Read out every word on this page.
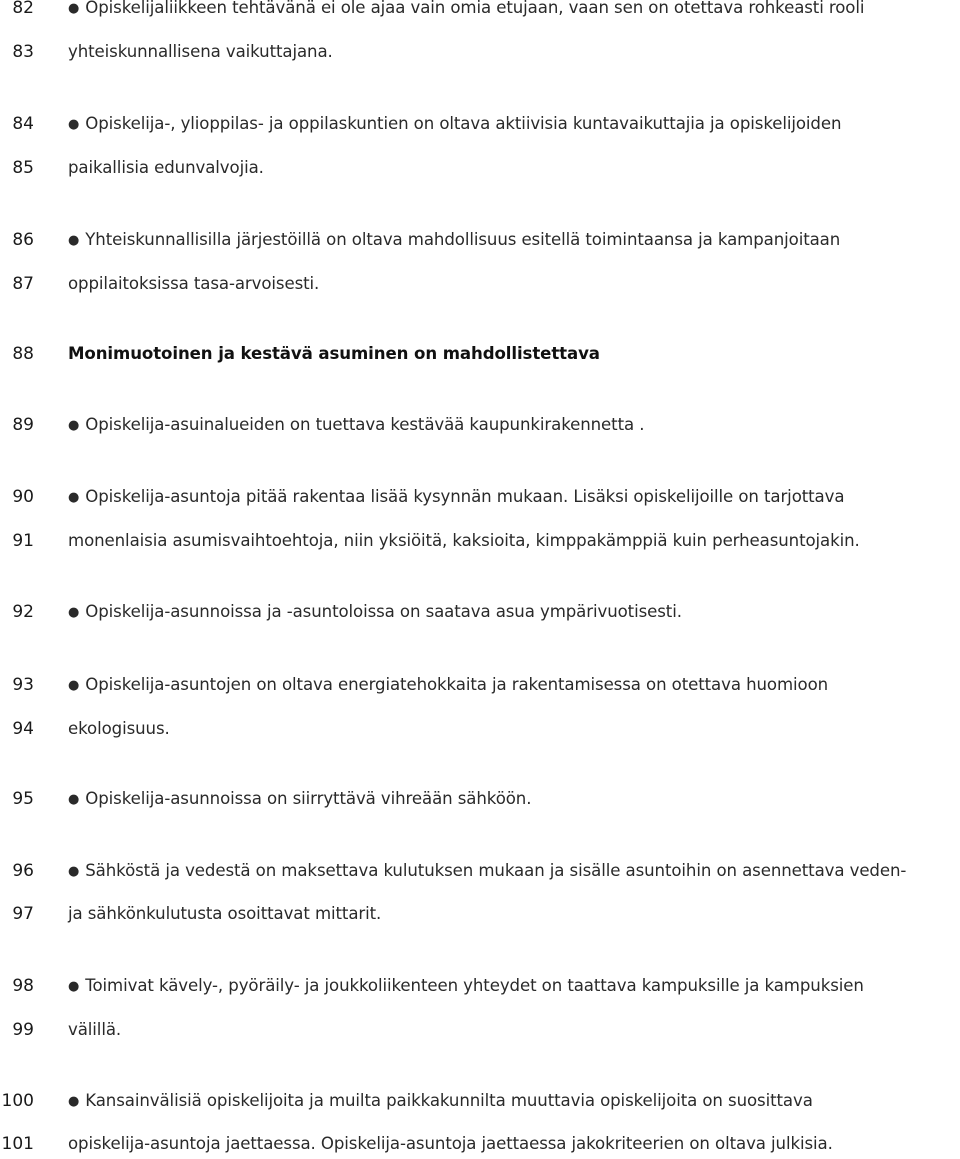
82	● Opiskelijaliikkeen tehtävänä ei ole ajaa vain omia etujaan, vaan sen on otettava rohkeasti rooli
83 yhteiskunnallisena vaikuttajana.
84	● Opiskelija-, ylioppilas- ja oppilaskuntien on oltava aktiivisia kuntavaikuttajia ja opiskelijoiden
85 paikallisia edunvalvojia.
86	● Yhteiskunnallisilla järjestöillä on oltava mahdollisuus esitellä toimintaansa ja kampanjoitaan
87 oppilaitoksissa tasa-arvoisesti.
88 Monimuotoinen ja kestävä asuminen on mahdollistettava
89	● Opiskelija-asuinalueiden on tuettava kestävää kaupunkirakennetta .
90	● Opiskelija-asuntoja pitää rakentaa lisää kysynnän mukaan. Lisäksi opiskelijoille on tarjottava
91 monenlaisia asumisvaihtoehtoja, niin yksiöitä, kaksioita, kimppakämppiä kuin perheasuntojakin.
92	● Opiskelija-asunnoissa ja -asuntoloissa on saatava asua ympärivuotisesti.
93	● Opiskelija-asuntojen on oltava energiatehokkaita ja rakentamisessa on otettava huomioon
94 ekologisuus.
95	● Opiskelija-asunnoissa on siirryttävä vihreään sähköön.
96	● Sähköstä ja vedestä on maksettava kulutuksen mukaan ja sisälle asuntoihin on asennettava veden-
97 ja sähkönkulutusta osoittavat mittarit.
98	● Toimivat kävely-, pyöräily- ja joukkoliikenteen yhteydet on taattava kampuksille ja kampuksien
99 välillä.
100	● Kansainvälisiä opiskelijoita ja muilta paikkakunnilta muuttavia opiskelijoita on suosittava
101 opiskelija-asuntoja jaettaessa. Opiskelija-asuntoja jaettaessa jakokriteerien on oltava julkisia.
